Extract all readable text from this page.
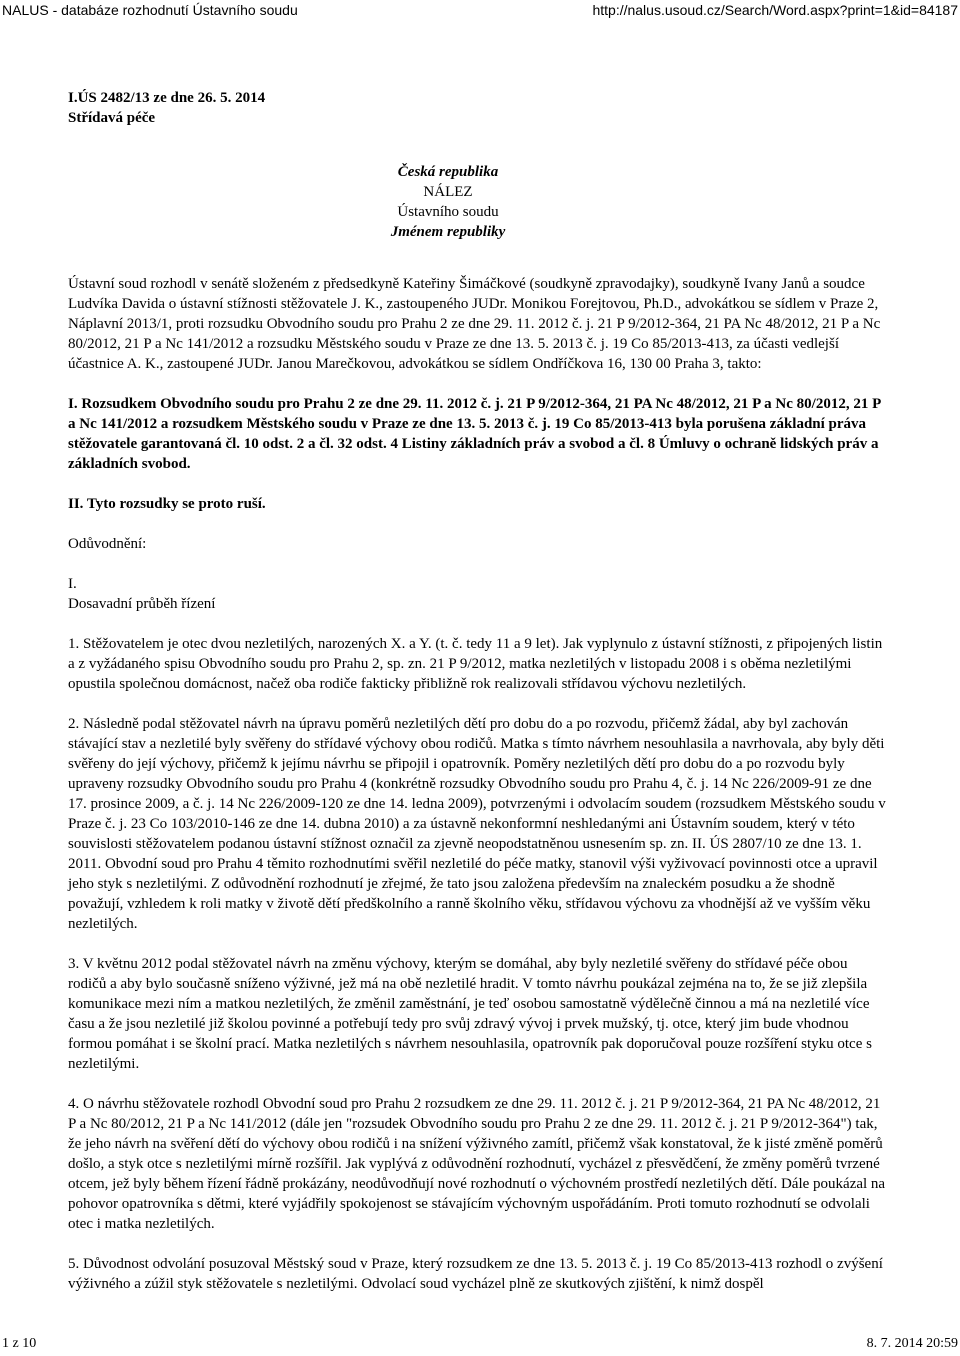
NALUS - databáze rozhodnutí Ústavního soudu	http://nalus.usoud.cz/Search/Word.aspx?print=1&id=84187
I.ÚS 2482/13 ze dne 26. 5. 2014
Střídavá péče
Česká republika
NÁLEZ
Ústavního soudu
Jménem republiky

Ústavní soud rozhodl v senátě složeném z předsedkyně Kateřiny Šimáčkové (soudkyně zpravodajky), soudkyně Ivany Janů a soudce Ludvíka Davida o ústavní stížnosti stěžovatele J. K., zastoupeného JUDr. Monikou Forejtovou, Ph.D., advokátkou se sídlem v Praze 2, Náplavní 2013/1, proti rozsudku Obvodního soudu pro Prahu 2 ze dne 29. 11. 2012 č. j. 21 P 9/2012-364, 21 PA Nc 48/2012, 21 P a Nc 80/2012, 21 P a Nc 141/2012 a rozsudku Městského soudu v Praze ze dne 13. 5. 2013 č. j. 19 Co 85/2013-413, za účasti vedlejší účastnice A. K., zastoupené JUDr. Janou Marečkovou, advokátkou se sídlem Ondříčkova 16, 130 00 Praha 3, takto:

I. Rozsudkem Obvodního soudu pro Prahu 2 ze dne 29. 11. 2012 č. j. 21 P 9/2012-364, 21 PA Nc 48/2012, 21 P a Nc 80/2012, 21 P a Nc 141/2012 a rozsudkem Městského soudu v Praze ze dne 13. 5. 2013 č. j. 19 Co 85/2013-413 byla porušena základní práva stěžovatele garantovaná čl. 10 odst. 2 a čl. 32 odst. 4 Listiny základních práv a svobod a čl. 8 Úmluvy o ochraně lidských práv a základních svobod.

II. Tyto rozsudky se proto ruší.

Odůvodnění:

I.
Dosavadní průběh řízení

1. Stěžovatelem je otec dvou nezletilých, narozených X. a Y. (t. č. tedy 11 a 9 let). Jak vyplynulo z ústavní stížnosti, z připojených listin a z vyžádaného spisu Obvodního soudu pro Prahu 2, sp. zn. 21 P 9/2012, matka nezletilých v listopadu 2008 i s oběma nezletilými opustila společnou domácnost, načež oba rodiče fakticky přibližně rok realizovali střídavou výchovu nezletilých.

2. Následně podal stěžovatel návrh na úpravu poměrů nezletilých dětí pro dobu do a po rozvodu, přičemž žádal, aby byl zachován stávající stav a nezletilé byly svěřeny do střídavé výchovy obou rodičů. Matka s tímto návrhem nesouhlasila a navrhovala, aby byly děti svěřeny do její výchovy, přičemž k jejímu návrhu se připojil i opatrovník. Poměry nezletilých dětí pro dobu do a po rozvodu byly upraveny rozsudky Obvodního soudu pro Prahu 4 (konkrétně rozsudky Obvodního soudu pro Prahu 4, č. j. 14 Nc 226/2009-91 ze dne 17. prosince 2009, a č. j. 14 Nc 226/2009-120 ze dne 14. ledna 2009), potvrzenými i odvolacím soudem (rozsudkem Městského soudu v Praze č. j. 23 Co 103/2010-146 ze dne 14. dubna 2010) a za ústavně nekonformní neshledanými ani Ústavním soudem, který v této souvislosti stěžovatelem podanou ústavní stížnost označil za zjevně neopodstatněnou usnesením sp. zn. II. ÚS 2807/10 ze dne 13. 1. 2011. Obvodní soud pro Prahu 4 těmito rozhodnutími svěřil nezletilé do péče matky, stanovil výši vyživovací povinnosti otce a upravil jeho styk s nezletilými. Z odůvodnění rozhodnutí je zřejmé, že tato jsou založena především na znaleckém posudku a že shodně považují, vzhledem k roli matky v životě dětí předškolního a ranně školního věku, střídavou výchovu za vhodnější až ve vyšším věku nezletilých.

3. V květnu 2012 podal stěžovatel návrh na změnu výchovy, kterým se domáhal, aby byly nezletilé svěřeny do střídavé péče obou rodičů a aby bylo současně sníženo výživné, jež má na obě nezletilé hradit. V tomto návrhu poukázal zejména na to, že se již zlepšila komunikace mezi ním a matkou nezletilých, že změnil zaměstnání, je teď osobou samostatně výdělečně činnou a má na nezletilé více času a že jsou nezletilé již školou povinné a potřebují tedy pro svůj zdravý vývoj i prvek mužský, tj. otce, který jim bude vhodnou formou pomáhat i se školní prací. Matka nezletilých s návrhem nesouhlasila, opatrovník pak doporučoval pouze rozšíření styku otce s nezletilými.

4. O návrhu stěžovatele rozhodl Obvodní soud pro Prahu 2 rozsudkem ze dne 29. 11. 2012 č. j. 21 P 9/2012-364, 21 PA Nc 48/2012, 21 P a Nc 80/2012, 21 P a Nc 141/2012 (dále jen "rozsudek Obvodního soudu pro Prahu 2 ze dne 29. 11. 2012 č. j. 21 P 9/2012-364") tak, že jeho návrh na svěření dětí do výchovy obou rodičů i na snížení výživného zamítl, přičemž však konstatoval, že k jisté změně poměrů došlo, a styk otce s nezletilými mírně rozšířil. Jak vyplývá z odůvodnění rozhodnutí, vycházel z přesvědčení, že změny poměrů tvrzené otcem, jež byly během řízení řádně prokázány, neodůvodňují nové rozhodnutí o výchovném prostředí nezletilých dětí. Dále poukázal na pohovor opatrovníka s dětmi, které vyjádřily spokojenost se stávajícím výchovným uspořádáním. Proti tomuto rozhodnutí se odvolali otec i matka nezletilých.

5. Důvodnost odvolání posuzoval Městský soud v Praze, který rozsudkem ze dne 13. 5. 2013 č. j. 19 Co 85/2013-413 rozhodl o zvýšení výživného a zúžil styk stěžovatele s nezletilými. Odvolací soud vycházel plně ze skutkových zjištění, k nimž dospěl

1 z 10	8. 7. 2014 20:59
